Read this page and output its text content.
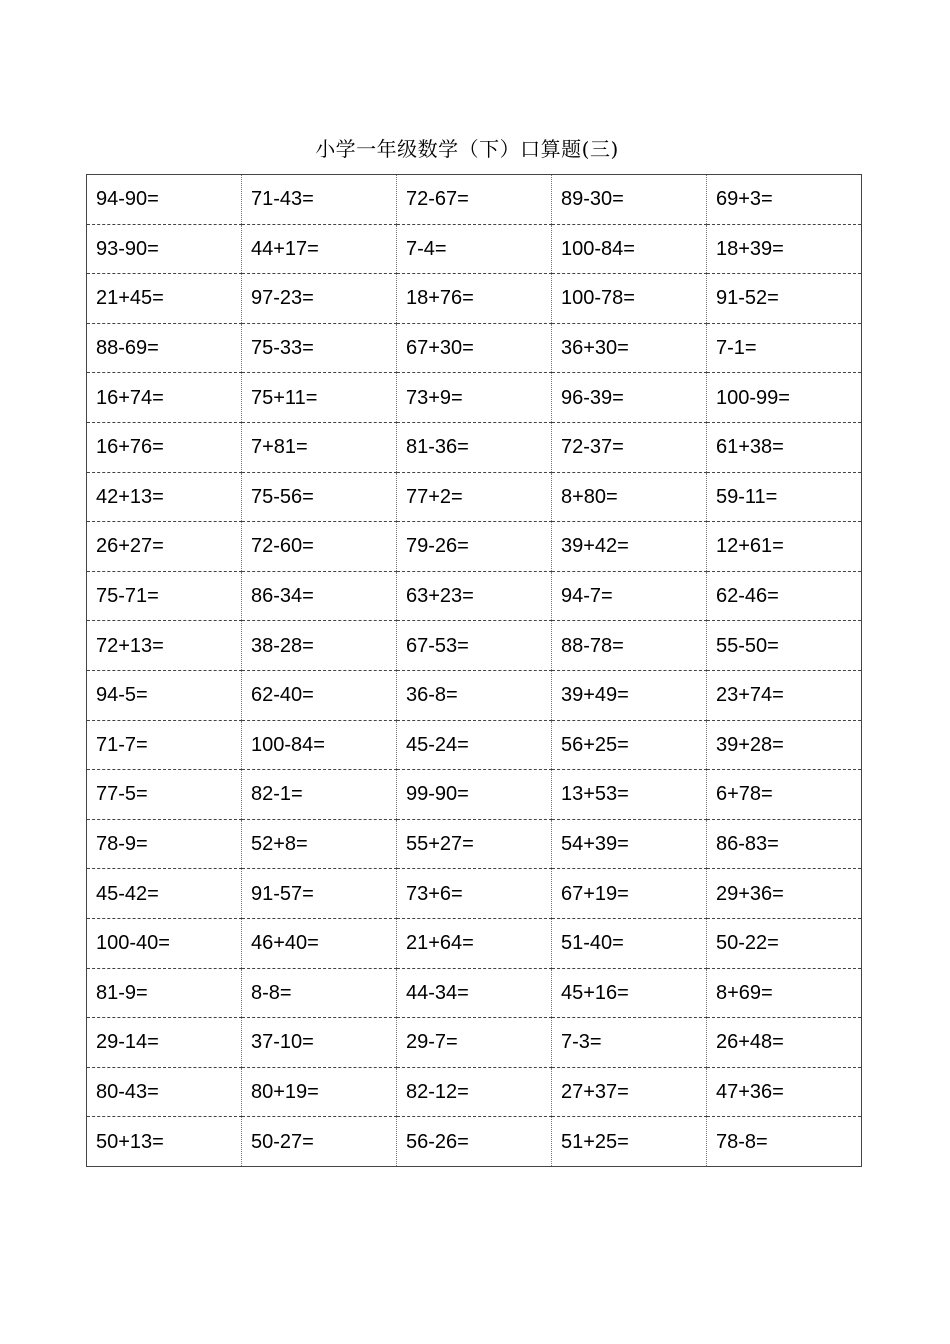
小学一年级数学（下）口算题(三)
94-90=	71-43=	72-67=	89-30=	69+3=
93-90=	44+17=	7-4=	100-84=	18+39=
21+45=	97-23=	18+76=	100-78=	91-52=
88-69=	75-33=	67+30=	36+30=	7-1=
16+74=	75+11=	73+9=	96-39=	100-99=
16+76=	7+81=	81-36=	72-37=	61+38=
42+13=	75-56=	77+2=	8+80=	59-11=
26+27=	72-60=	79-26=	39+42=	12+61=
75-71=	86-34=	63+23=	94-7=	62-46=
72+13=	38-28=	67-53=	88-78=	55-50=
94-5=	62-40=	36-8=	39+49=	23+74=
71-7=	100-84=	45-24=	56+25=	39+28=
77-5=	82-1=	99-90=	13+53=	6+78=
78-9=	52+8=	55+27=	54+39=	86-83=
45-42=	91-57=	73+6=	67+19=	29+36=
100-40=	46+40=	21+64=	51-40=	50-22=
81-9=	8-8=	44-34=	45+16=	8+69=
29-14=	37-10=	29-7=	7-3=	26+48=
80-43=	80+19=	82-12=	27+37=	47+36=
50+13=	50-27=	56-26=	51+25=	78-8=
